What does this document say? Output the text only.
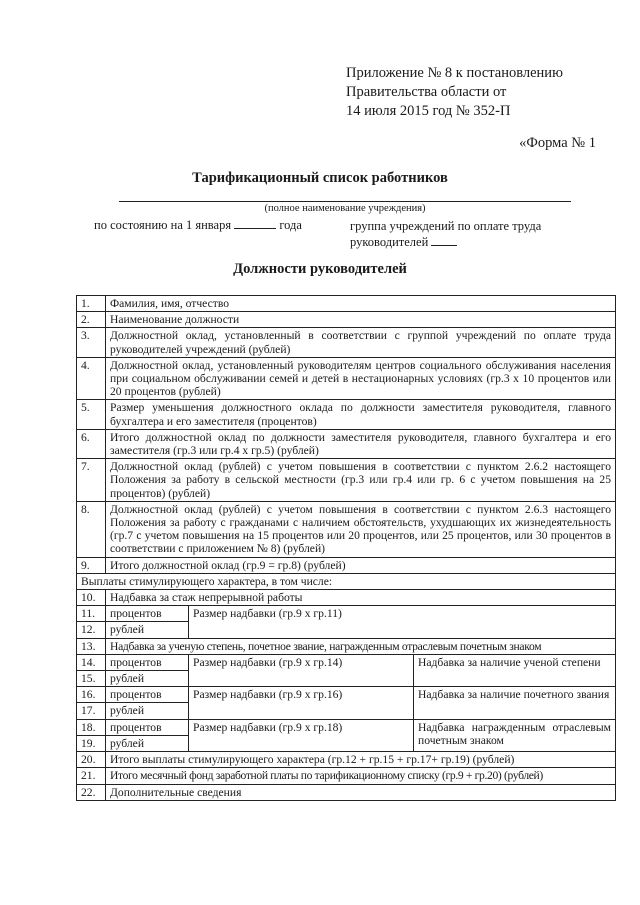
Приложение № 8 к постановлению
Правительства области от
14 июля 2015 год № 352-П
«Форма № 1
Тарификационный список работников
(полное наименование учреждения)
по состоянию на 1 января	года	группа учреждений по оплате труда
руководителей
Должности руководителей
1.	Фамилия, имя, отчество		
2.	Наименование должности		
3.	Должностной оклад, установленный в соответствии с группой учреждений по оплате труда руководителей учреждений (рублей)		
4.	Должностной оклад, установленный руководителям центров социального обслуживания населения при социальном обслуживании семей и детей в нестационарных условиях (гр.3 х 10 процентов или 20 процентов (рублей)		
5.	Размер уменьшения должностного оклада по должности заместителя руководителя, главного бухгалтера и его заместителя (процентов)		
6.	Итого должностной оклад по должности заместителя руководителя, главного бухгалтера и его заместителя (гр.3 или гр.4 х гр.5) (рублей)		
7.	Должностной оклад (рублей) с учетом повышения в соответствии с пунктом 2.6.2 настоящего Положения за работу в сельской местности (гр.3 или гр.4 или гр. 6 с учетом повышения на 25 процентов) (рублей)		
8.	Должностной оклад (рублей) с учетом повышения в соответствии с пунктом 2.6.3 настоящего Положения за работу с гражданами с наличием обстоятельств, ухудшающих их жизнедеятельность (гр.7 с учетом повышения на 15 процентов или 20 процентов, или 25 процентов, или 30 процентов в соответствии с приложением № 8) (рублей)		
9.	Итого должностной оклад (гр.9 = гр.8) (рублей)		
Выплаты стимулирующего характера, в том числе:			
10.	Надбавка за стаж непрерывной работы		
11.	процентов	Размер надбавки (гр.9 х гр.11)	
12.	рублей		
13.	Надбавка за ученую степень, почетное звание, награжденным отраслевым почетным знаком		
14.	процентов	Размер надбавки (гр.9 х гр.14)	Надбавка за наличие ученой степени
15.	рублей		
16.	процентов	Размер надбавки (гр.9 х гр.16)	Надбавка за наличие почетного звания
17.	рублей		
18.	процентов	Размер надбавки (гр.9 х гр.18)	Надбавка награжденным отраслевым почетным знаком
19.	рублей		
20.	Итого выплаты стимулирующего характера (гр.12 + гр.15 + гр.17+ гр.19) (рублей)		
21.	Итого месячный фонд заработной платы по тарификационному списку (гр.9 + гр.20) (рублей)		
22.	Дополнительные сведения		
